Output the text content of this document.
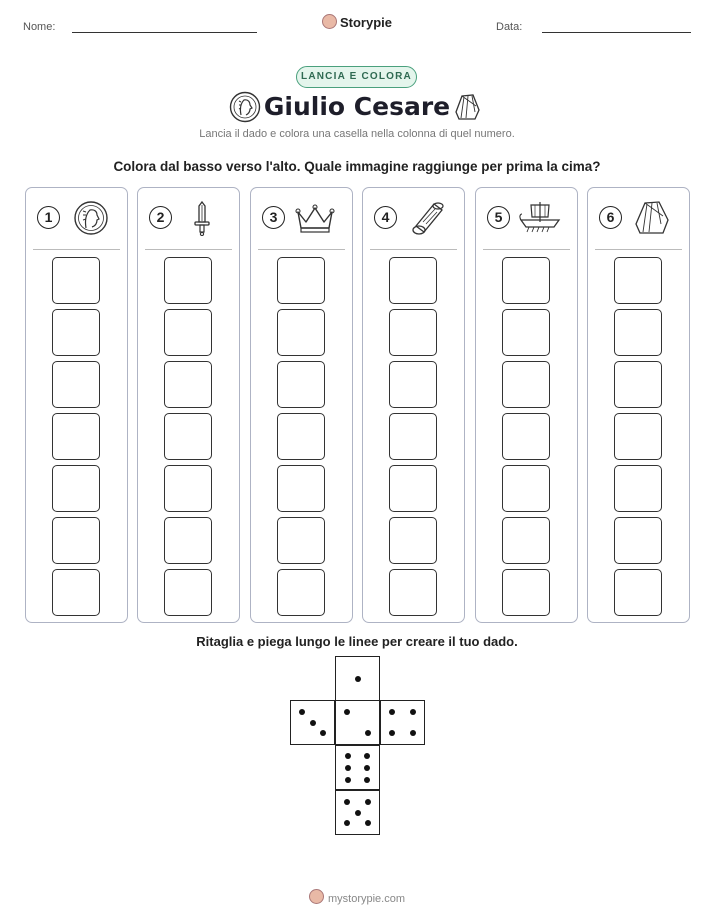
Nome:	Storypie	Data:
LANCIA E COLORA
Giulio Cesare
Lancia il dado e colora una casella nella colonna di quel numero.
Colora dal basso verso l'alto. Quale immagine raggiunge per prima la cima?
1	2	3	4	5	6
Ritaglia e piega lungo le linee per creare il tuo dado.
mystorypie.com
